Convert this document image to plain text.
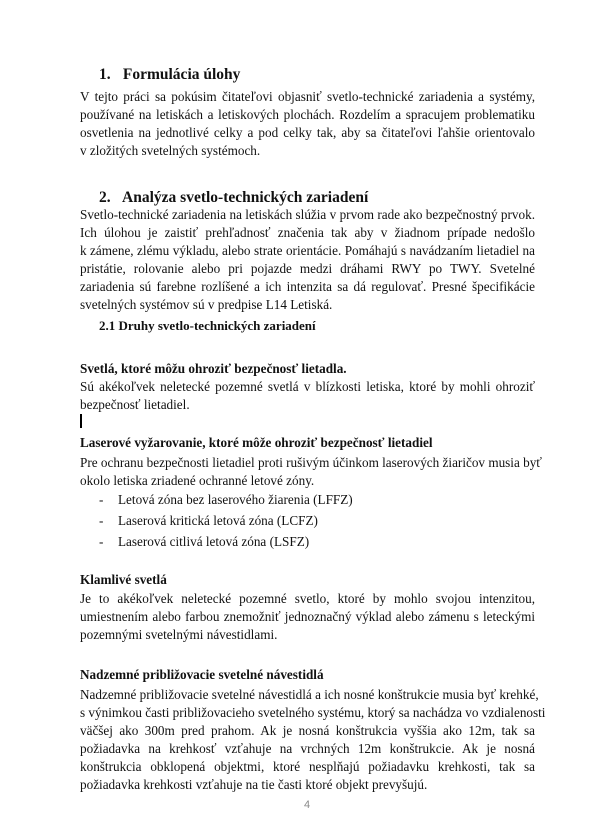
1. Formulácia úlohy
V tejto práci sa pokúsim čitateľovi objasniť svetlo-technické zariadenia a systémy,
používané na letiskách a letiskových plochách. Rozdelím a spracujem problematiku
osvetlenia na jednotlivé celky a pod celky tak, aby sa čitateľovi ľahšie orientovalo
v zložitých svetelných systémoch.
2. Analýza svetlo-technických zariadení
Svetlo-technické zariadenia na letiskách slúžia v prvom rade ako bezpečnostný prvok.
Ich úlohou je zaistiť prehľadnosť značenia tak aby v žiadnom prípade nedošlo
k zámene, zlému výkladu, alebo strate orientácie. Pomáhajú s navádzaním lietadiel na
pristátie, rolovanie alebo pri pojazde medzi dráhami RWY po TWY. Svetelné
zariadenia sú farebne rozlíšené a ich intenzita sa dá regulovať. Presné špecifikácie
svetelných systémov sú v predpise L14 Letiská.
2.1 Druhy svetlo-technických zariadení
Svetlá, ktoré môžu ohroziť bezpečnosť lietadla.
Sú akékoľvek neletecké pozemné svetlá v blízkosti letiska, ktoré by mohli ohroziť
bezpečnosť lietadiel.
Laserové vyžarovanie, ktoré môže ohroziť bezpečnosť lietadiel
Pre ochranu bezpečnosti lietadiel proti rušivým účinkom laserových žiaričov musia byť
okolo letiska zriadené ochranné letové zóny.
- Letová zóna bez laserového žiarenia (LFFZ)
- Laserová kritická letová zóna (LCFZ)
- Laserová citlivá letová zóna (LSFZ)
Klamlivé svetlá
Je to akékoľvek neletecké pozemné svetlo, ktoré by mohlo svojou intenzitou,
umiestnením alebo farbou znemožniť jednoznačný výklad alebo zámenu s leteckými
pozemnými svetelnými návestidlami.
Nadzemné približovacie svetelné návestidlá
Nadzemné približovacie svetelné návestidlá a ich nosné konštrukcie musia byť krehké,
s výnimkou časti približovacieho svetelného systému, ktorý sa nachádza vo vzdialenosti
väčšej ako 300m pred prahom. Ak je nosná konštrukcia vyššia ako 12m, tak sa
požiadavka na krehkosť vzťahuje na vrchných 12m konštrukcie. Ak je nosná
konštrukcia obklopená objektmi, ktoré nesplňajú požiadavku krehkosti, tak sa
požiadavka krehkosti vzťahuje na tie časti ktoré objekt prevyšujú.
4
